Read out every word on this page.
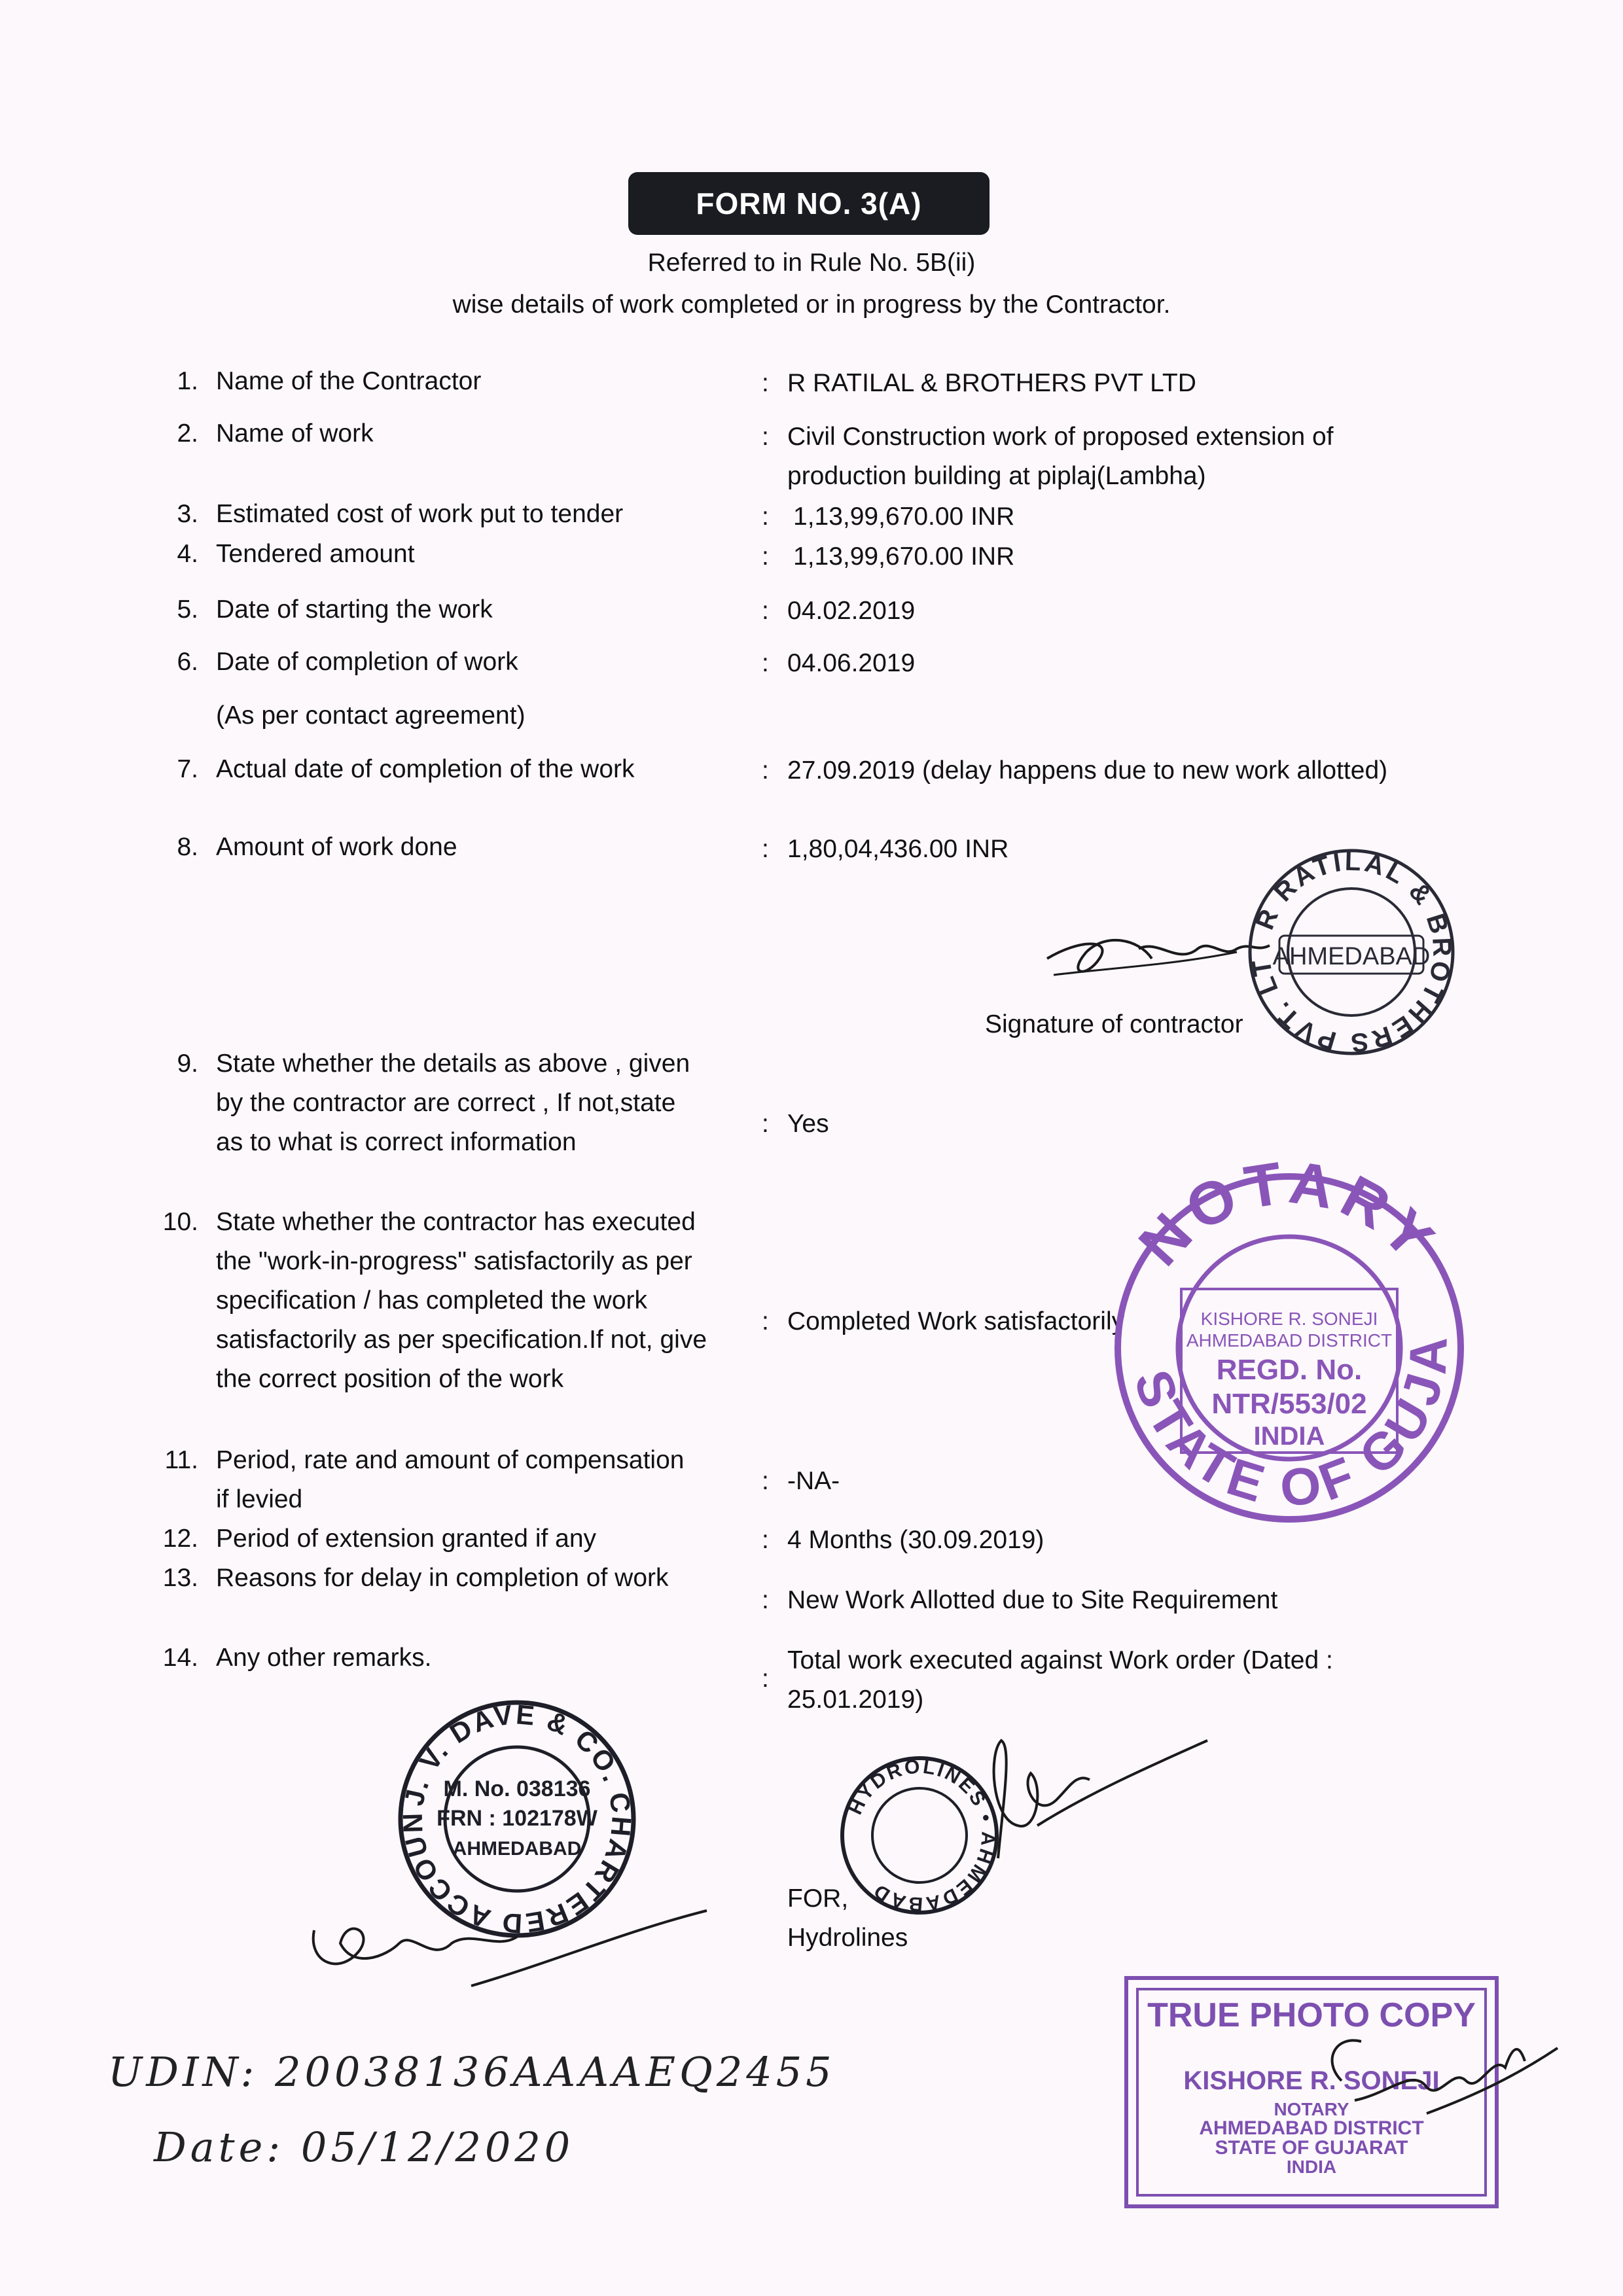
FORM NO. 3(A)
Referred to in Rule No. 5B(ii)
wise details of work completed or in progress by the Contractor.
1. Name of the Contractor	: R RATILAL & BROTHERS PVT LTD
2. Name of work	: Civil Construction work of proposed extension of
production building at piplaj(Lambha)
3. Estimated cost of work put to tender	: 1,13,99,670.00 INR
4. Tendered amount	: 1,13,99,670.00 INR
5. Date of starting the work	: 04.02.2019
6. Date of completion of work
(As per contact agreement)
: 04.06.2019
7. Actual date of completion of the work	: 27.09.2019 (delay happens due to new work allotted)
8. Amount of work done	: 1,80,04,436.00 INR
9. State whether the details as above , given
by the contractor are correct , If not,state
as to what is correct information
: Yes
10. State whether the contractor has executed
the "work-in-progress" satisfactorily as per
specification / has completed the work
satisfactorily as per specification.If not, give
the correct position of the work
: Completed Work satisfactorily
11. Period, rate and amount of compensation
if levied
: -NA-
12. Period of extension granted if any	: 4 Months (30.09.2019)
13. Reasons for delay in completion of work
: New Work Allotted due to Site Requirement
14. Any other remarks.
:
Total work executed against Work order (Dated :
25.01.2019)
Signature of contractor
R RATILAL & BROTHERS PVT. LTD.
AHMEDABAD
NOTARY
STATE OF GUJARAT
KISHORE R. SONEJI
AHMEDABAD DISTRICT
REGD. No.
NTR/553/02
INDIA
J. V. DAVE & CO. CHARTERED ACCOUNTANTS
M. No. 038136
FRN : 102178W
AHMEDABAD
HYDROLINES • AHMEDABAD
FOR,
Hydrolines
TRUE PHOTO COPY
KISHORE R. SONEJI
NOTARY
AHMEDABAD DISTRICT
STATE OF GUJARAT
INDIA
UDIN: 20038136AAAAEQ2455
Date: 05/12/2020
